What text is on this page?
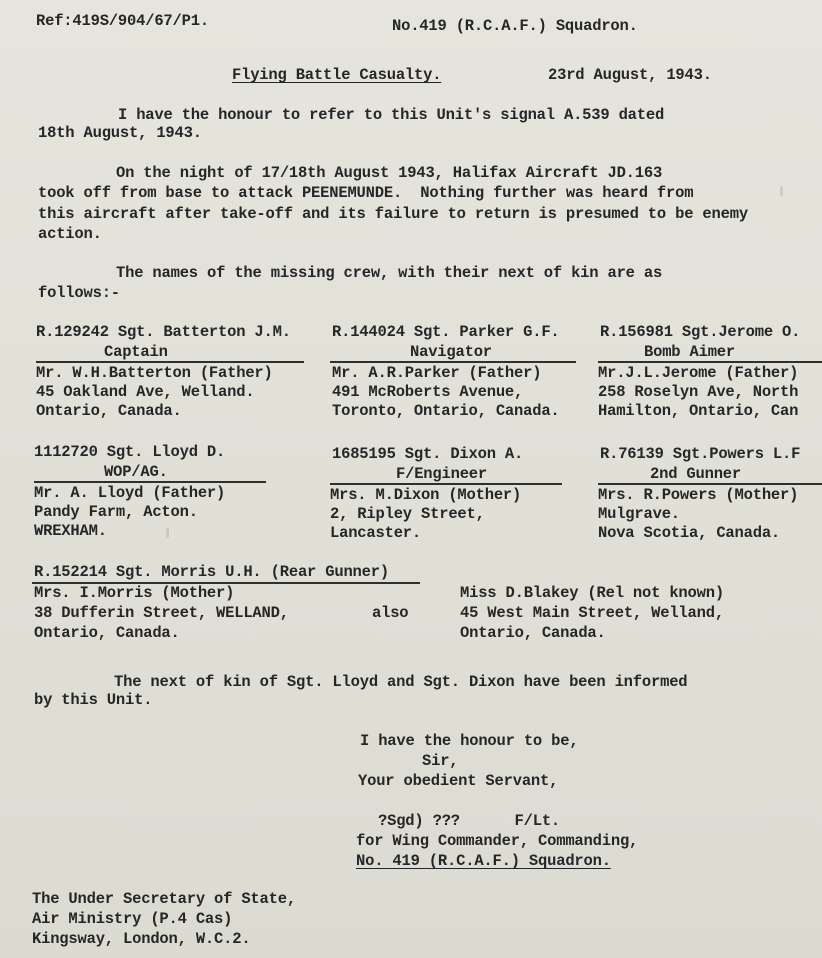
Ref:419S/904/67/P1.	No.419 (R.C.A.F.) Squadron.
Flying Battle Casualty.	23rd August, 1943.
I have the honour to refer to this Unit's signal A.539 dated
18th August, 1943.
On the night of 17/18th August 1943, Halifax Aircraft JD.163
took off from base to attack PEENEMUNDE.  Nothing further was heard from
this aircraft after take-off and its failure to return is presumed to be enemy
action.
The names of the missing crew, with their next of kin are as
follows:-
R.129242 Sgt. Batterton J.M.
Captain
Mr. W.H.Batterton (Father)
45 Oakland Ave, Welland.
Ontario, Canada.
R.144024 Sgt. Parker G.F.
Navigator
Mr. A.R.Parker (Father)
491 McRoberts Avenue,
Toronto, Ontario, Canada.
R.156981 Sgt.Jerome O.
Bomb Aimer
Mr.J.L.Jerome (Father)
258 Roselyn Ave, North
Hamilton, Ontario, Can
1112720 Sgt. Lloyd D.
WOP/AG.
Mr. A. Lloyd (Father)
Pandy Farm, Acton.
WREXHAM.
1685195 Sgt. Dixon A.
F/Engineer
Mrs. M.Dixon (Mother)
2, Ripley Street,
Lancaster.
R.76139 Sgt.Powers L.F
2nd Gunner
Mrs. R.Powers (Mother)
Mulgrave.
Nova Scotia, Canada.
R.152214 Sgt. Morris U.H. (Rear Gunner)
Mrs. I.Morris (Mother)
38 Dufferin Street, WELLAND,
Ontario, Canada.
also
Miss D.Blakey (Rel not known)
45 West Main Street, Welland,
Ontario, Canada.
The next of kin of Sgt. Lloyd and Sgt. Dixon have been informed
by this Unit.
I have the honour to be,
Sir,
Your obedient Servant,
?Sgd) ???      F/Lt.
for Wing Commander, Commanding,
No. 419 (R.C.A.F.) Squadron.
The Under Secretary of State,
Air Ministry (P.4 Cas)
Kingsway, London, W.C.2.
